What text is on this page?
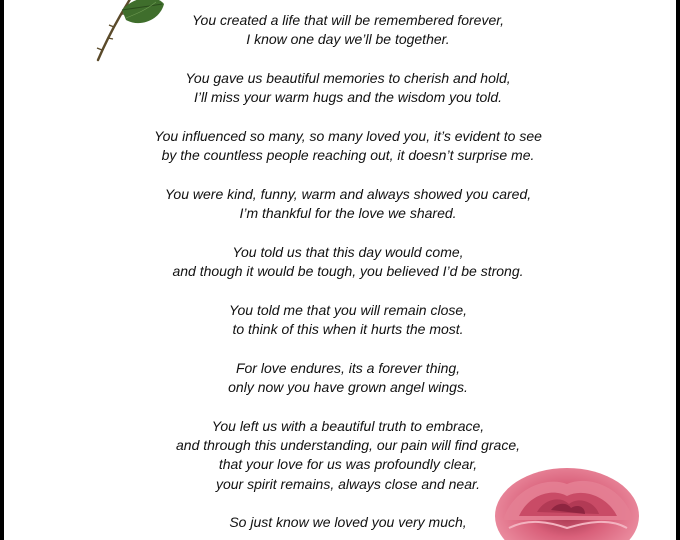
You created a life that will be remembered forever,
I know one day we’ll be together.
You gave us beautiful memories to cherish and hold,
I’ll miss your warm hugs and the wisdom you told.
You influenced so many, so many loved you, it’s evident to see
by the countless people reaching out, it doesn’t surprise me.
You were kind, funny, warm and always showed you cared,
I’m thankful for the love we shared.
You told us that this day would come,
and though it would be tough, you believed I’d be strong.
You told me that you will remain close,
to think of this when it hurts the most.
For love endures, its a forever thing,
only now you have grown angel wings.
You left us with a beautiful truth to embrace,
and through this understanding, our pain will find grace,
that your love for us was profoundly clear,
your spirit remains, always close and near.
So just know we loved you very much,
